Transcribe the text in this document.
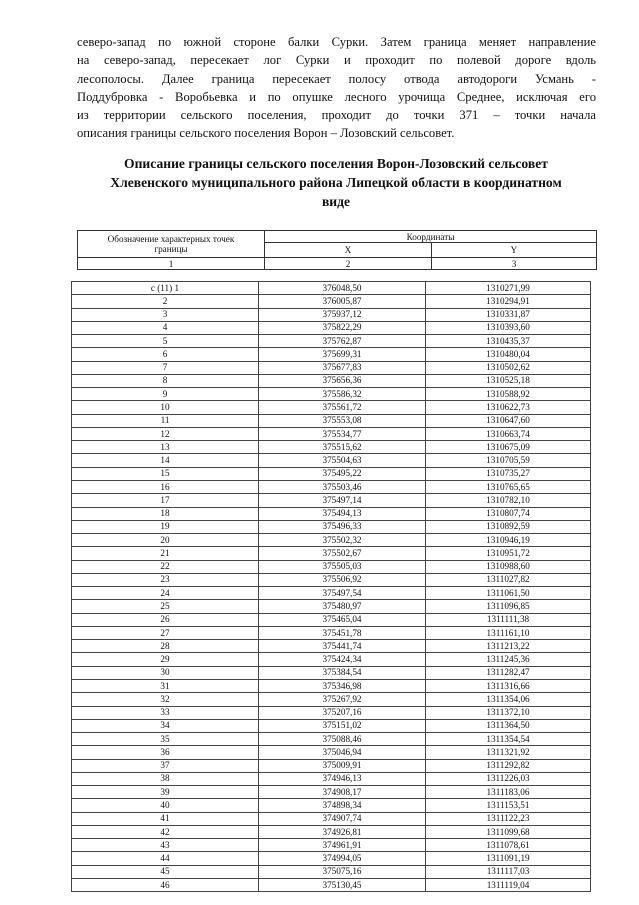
северо-запад по южной стороне балки Сурки. Затем граница меняет направление
на северо-запад, пересекает лог Сурки и проходит по полевой дороге вдоль
лесополосы. Далее граница пересекает полосу отвода автодороги Усмань -
Поддубровка - Воробьевка и по опушке лесного урочища Среднее, исключая его
из территории сельского поселения, проходит до точки 371 – точки начала
описания границы сельского поселения Ворон – Лозовский сельсовет.
Описание границы сельского поселения Ворон-Лозовский сельсовет
Хлевенского муниципального района Липецкой области в координатном
виде
Обозначение характерных точек границы	Координаты	
	X	Y
1	2	3
с (11) 1	376048,50	1310271,99
2	376005,87	1310294,91
3	375937,12	1310331,87
4	375822,29	1310393,60
5	375762,87	1310435,37
6	375699,31	1310480,04
7	375677,83	1310502,62
8	375656,36	1310525,18
9	375586,32	1310588,92
10	375561,72	1310622,73
11	375553,08	1310647,60
12	375534,77	1310663,74
13	375515,62	1310675,09
14	375504,63	1310705,59
15	375495,22	1310735,27
16	375503,46	1310765,65
17	375497,14	1310782,10
18	375494,13	1310807,74
19	375496,33	1310892,59
20	375502,32	1310946,19
21	375502,67	1310951,72
22	375505,03	1310988,60
23	375506,92	1311027,82
24	375497,54	1311061,50
25	375480,97	1311096,85
26	375465,04	1311111,38
27	375451,78	1311161,10
28	375441,74	1311213,22
29	375424,34	1311245,36
30	375384,54	1311282,47
31	375346,98	1311316,66
32	375267,92	1311354,06
33	375207,16	1311372,10
34	375151,02	1311364,50
35	375088,46	1311354,54
36	375046,94	1311321,92
37	375009,91	1311292,82
38	374946,13	1311226,03
39	374908,17	1311183,06
40	374898,34	1311153,51
41	374907,74	1311122,23
42	374926,81	1311099,68
43	374961,91	1311078,61
44	374994,05	1311091,19
45	375075,16	1311117,03
46	375130,45	1311119,04
